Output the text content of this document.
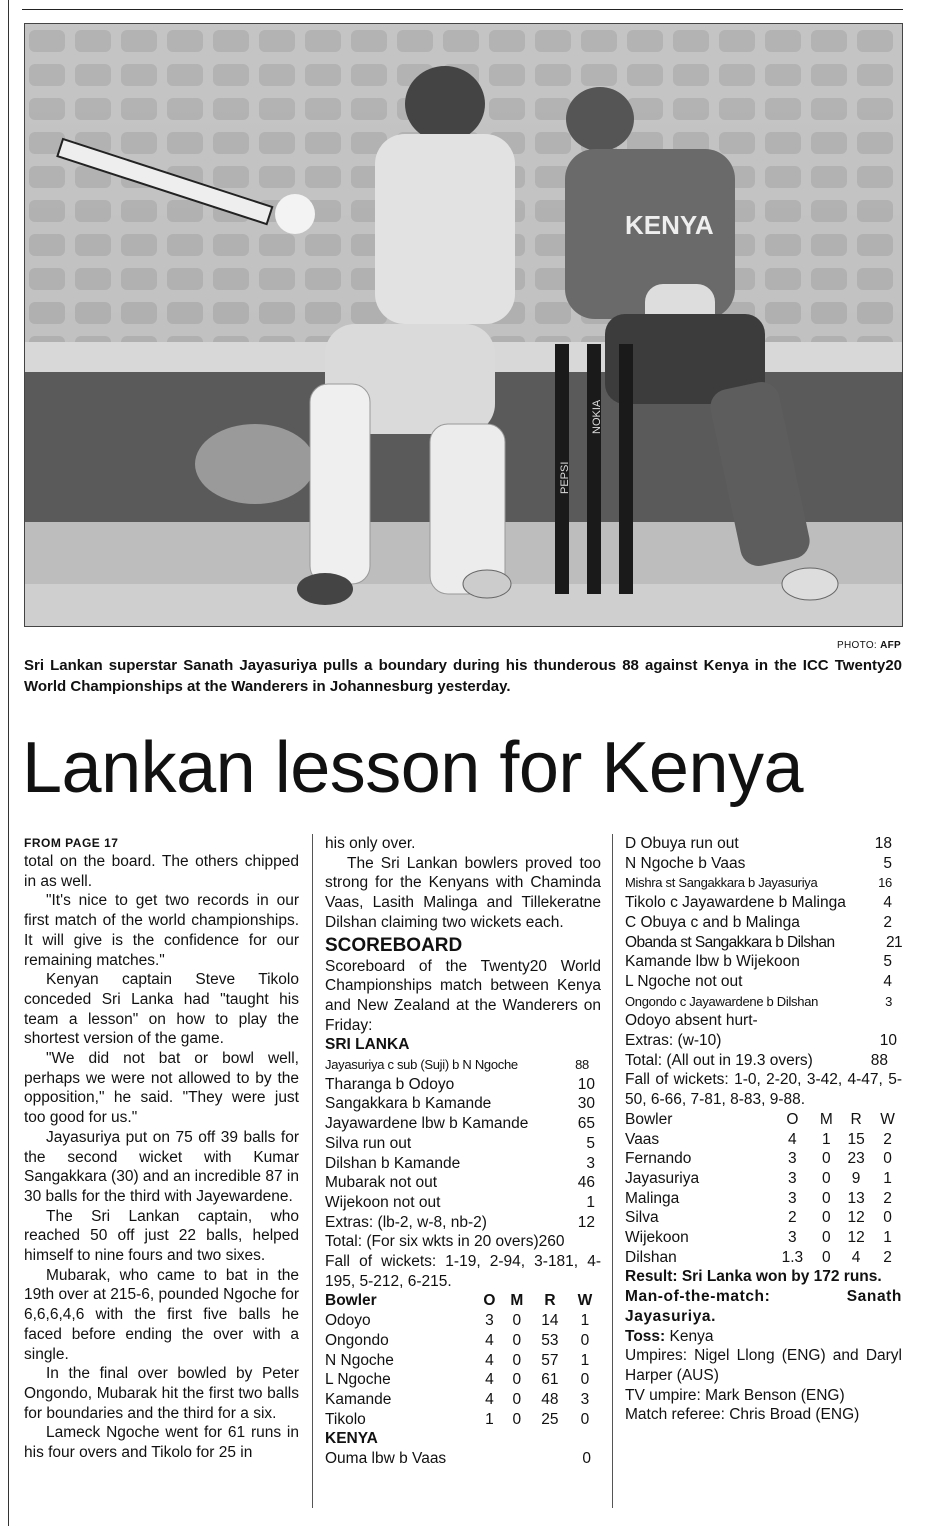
KENYA
PEPSI
NOKIA
PHOTO: AFP
Sri Lankan superstar Sanath Jayasuriya pulls a boundary during his thunderous 88 against Kenya in the ICC Twenty20 World Championships at the Wanderers in Johannesburg yesterday.
Lankan lesson for Kenya
FROM PAGE 17

total on the board. The others chipped in as well.

"It's nice to get two records in our first match of the world championships. It will give is the confidence for our remaining matches."

Kenyan captain Steve Tikolo conceded Sri Lanka had "taught his team a lesson" on how to play the shortest version of the game.

"We did not bat or bowl well, perhaps we were not allowed to by the opposition," he said. "They were just too good for us."

Jayasuriya put on 75 off 39 balls for the second wicket with Kumar Sangakkara (30) and an incredible 87 in 30 balls for the third with Jayewardene.

The Sri Lankan captain, who reached 50 off just 22 balls, helped himself to nine fours and two sixes.

Mubarak, who came to bat in the 19th over at 215-6, pounded Ngoche for 6,6,6,4,6 with the first five balls he faced before ending the over with a single.

In the final over bowled by Peter Ongondo, Mubarak hit the first two balls for boundaries and the third for a six.

Lameck Ngoche went for 61 runs in his four overs and Tikolo for 25 in

his only over.

The Sri Lankan bowlers proved too strong for the Kenyans with Chaminda Vaas, Lasith Malinga and Tillekeratne Dilshan claiming two wickets each.

SCOREBOARD

Scoreboard of the Twenty20 World Championships match between Kenya and New Zealand at the Wanderers on Friday:

SRI LANKA
Jayasuriya c sub (Suji) b N Ngoche	88
Tharanga b Odoyo	10
Sangakkara b Kamande	30
Jayawardene lbw b Kamande	65
Silva run out	5
Dilshan b Kamande	3
Mubarak not out	46
Wijekoon not out	1
Extras: (lb-2, w-8, nb-2)	12
Total: (For six wkts in 20 overs)260

Fall of wickets: 1-19, 2-94, 3-181, 4-195, 5-212, 6-215.

Bowler	O	M	R	W
Odoyo	3	0	14	1
Ongondo	4	0	53	0
N Ngoche	4	0	57	1
L Ngoche	4	0	61	0
Kamande	4	0	48	3
Tikolo	1	0	25	0
KENYA
Ouma lbw b Vaas	0
D Obuya run out	18
N Ngoche b Vaas	5
Mishra st Sangakkara b Jayasuriya	16
Tikolo c Jayawardene b Malinga 4
C Obuya c and b Malinga	2
Obanda st Sangakkara b Dilshan	21
Kamande lbw b Wijekoon	5
L Ngoche not out	4
Ongondo c Jayawardene b Dilshan	3
Odoyo absent hurt-
Extras: (w-10)	10
Total: (All out in 19.3 overs)	88

Fall of wickets: 1-0, 2-20, 3-42, 4-47, 5-50, 6-66, 7-81, 8-83, 9-88.

Bowler	O	M	R	W
Vaas	4	1	15	2
Fernando	3	0	23	0
Jayasuriya	3	0	9	1
Malinga	3	0	13	2
Silva	2	0	12	0
Wijekoon	3	0	12	1
Dilshan	1.3	0	4	2

Result: Sri Lanka won by 172 runs.

Man-of-the-match: Sanath Jayasuriya.

Toss: Kenya

Umpires: Nigel Llong (ENG) and Daryl Harper (AUS)

TV umpire: Mark Benson (ENG)

Match referee: Chris Broad (ENG)
